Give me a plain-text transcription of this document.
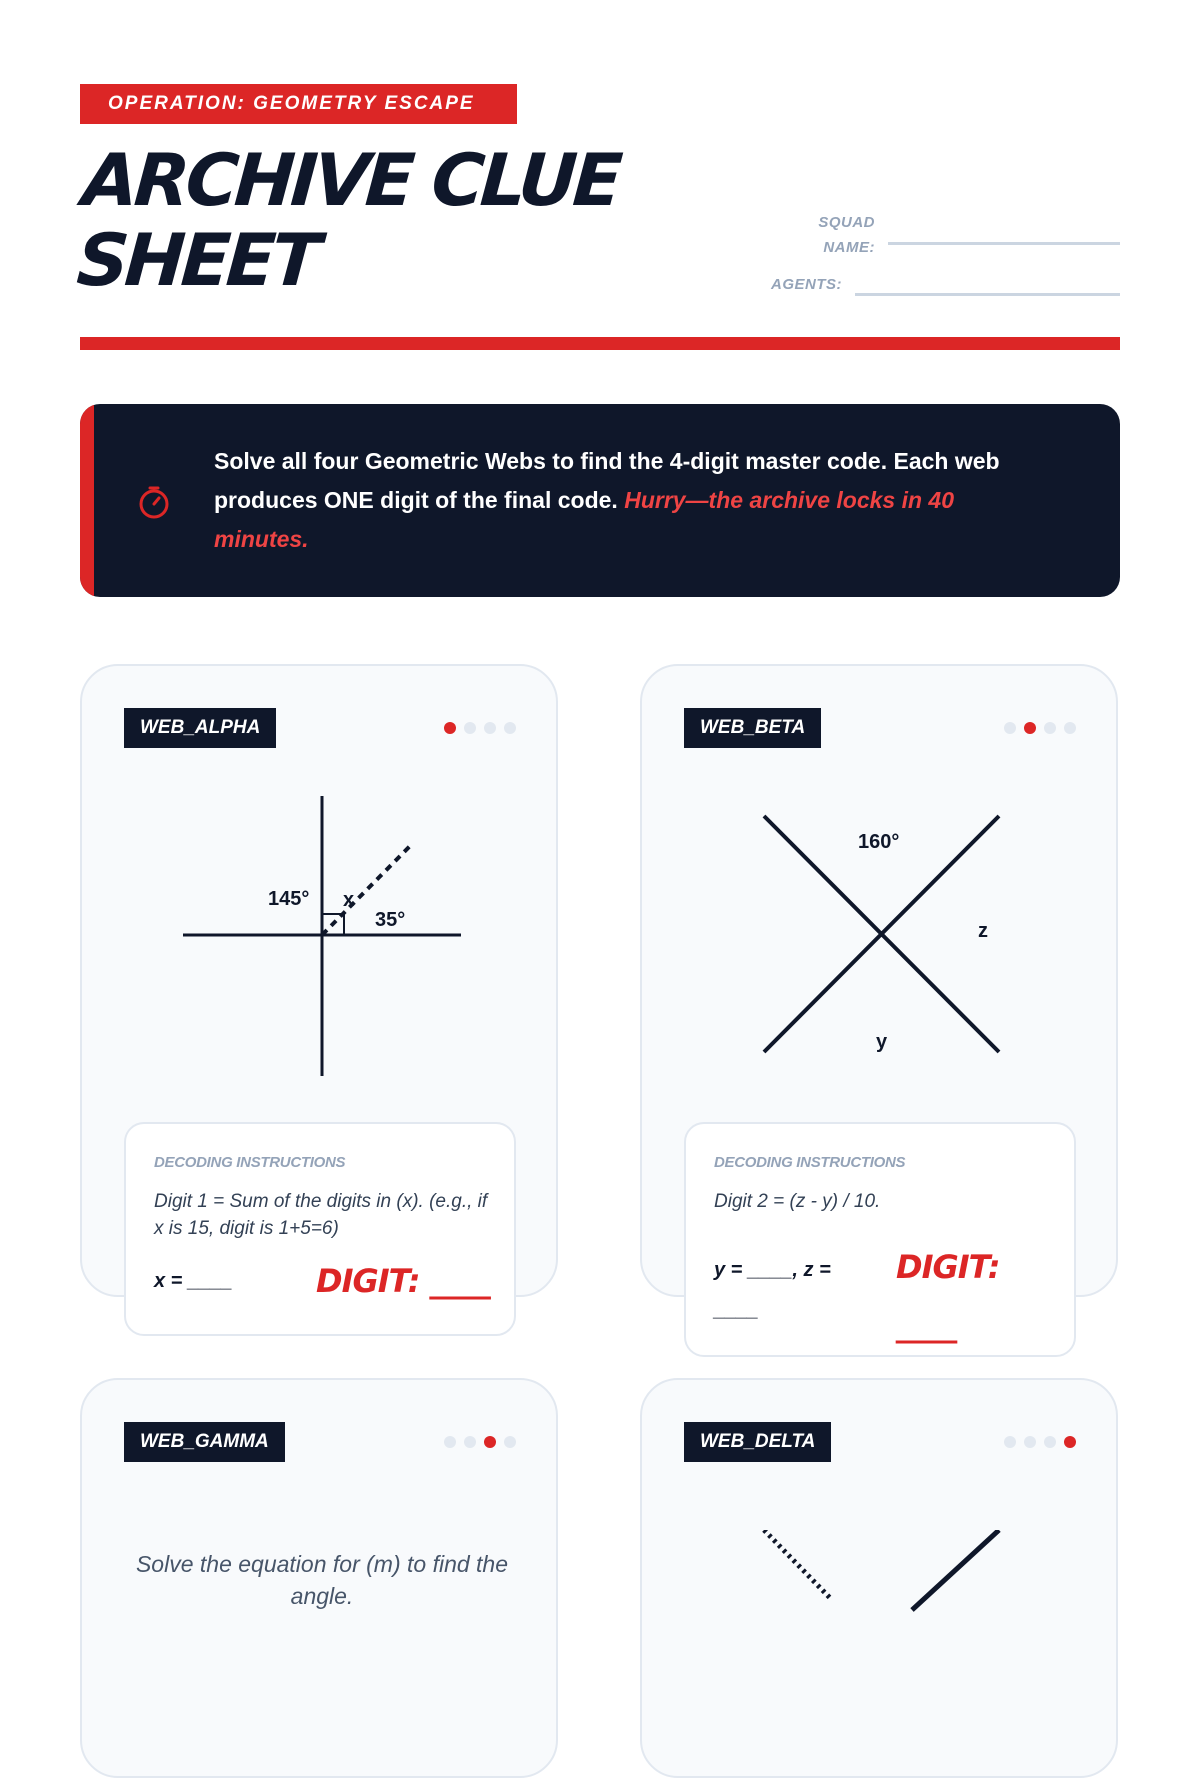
OPERATION: GEOMETRY ESCAPE
ARCHIVE CLUE SHEET	SQUAD NAME:
AGENTS:
Solve all four Geometric Webs to find the 4-digit master code. Each web produces ONE digit of the final code. Hurry—the archive locks in 40 minutes.
WEB_ALPHA
145° x
35°
DECODING INSTRUCTIONS
Digit 1 = Sum of the digits in (x). (e.g., if x is 15, digit is 1+5=6)
x = ____	DIGIT: ____
WEB_BETA
160°
z
y
DECODING INSTRUCTIONS
Digit 2 = (z - y) / 10.
y = ____, z = ____
DIGIT: ____
WEB_GAMMA
Solve the equation for (m) to find the angle.
WEB_DELTA
